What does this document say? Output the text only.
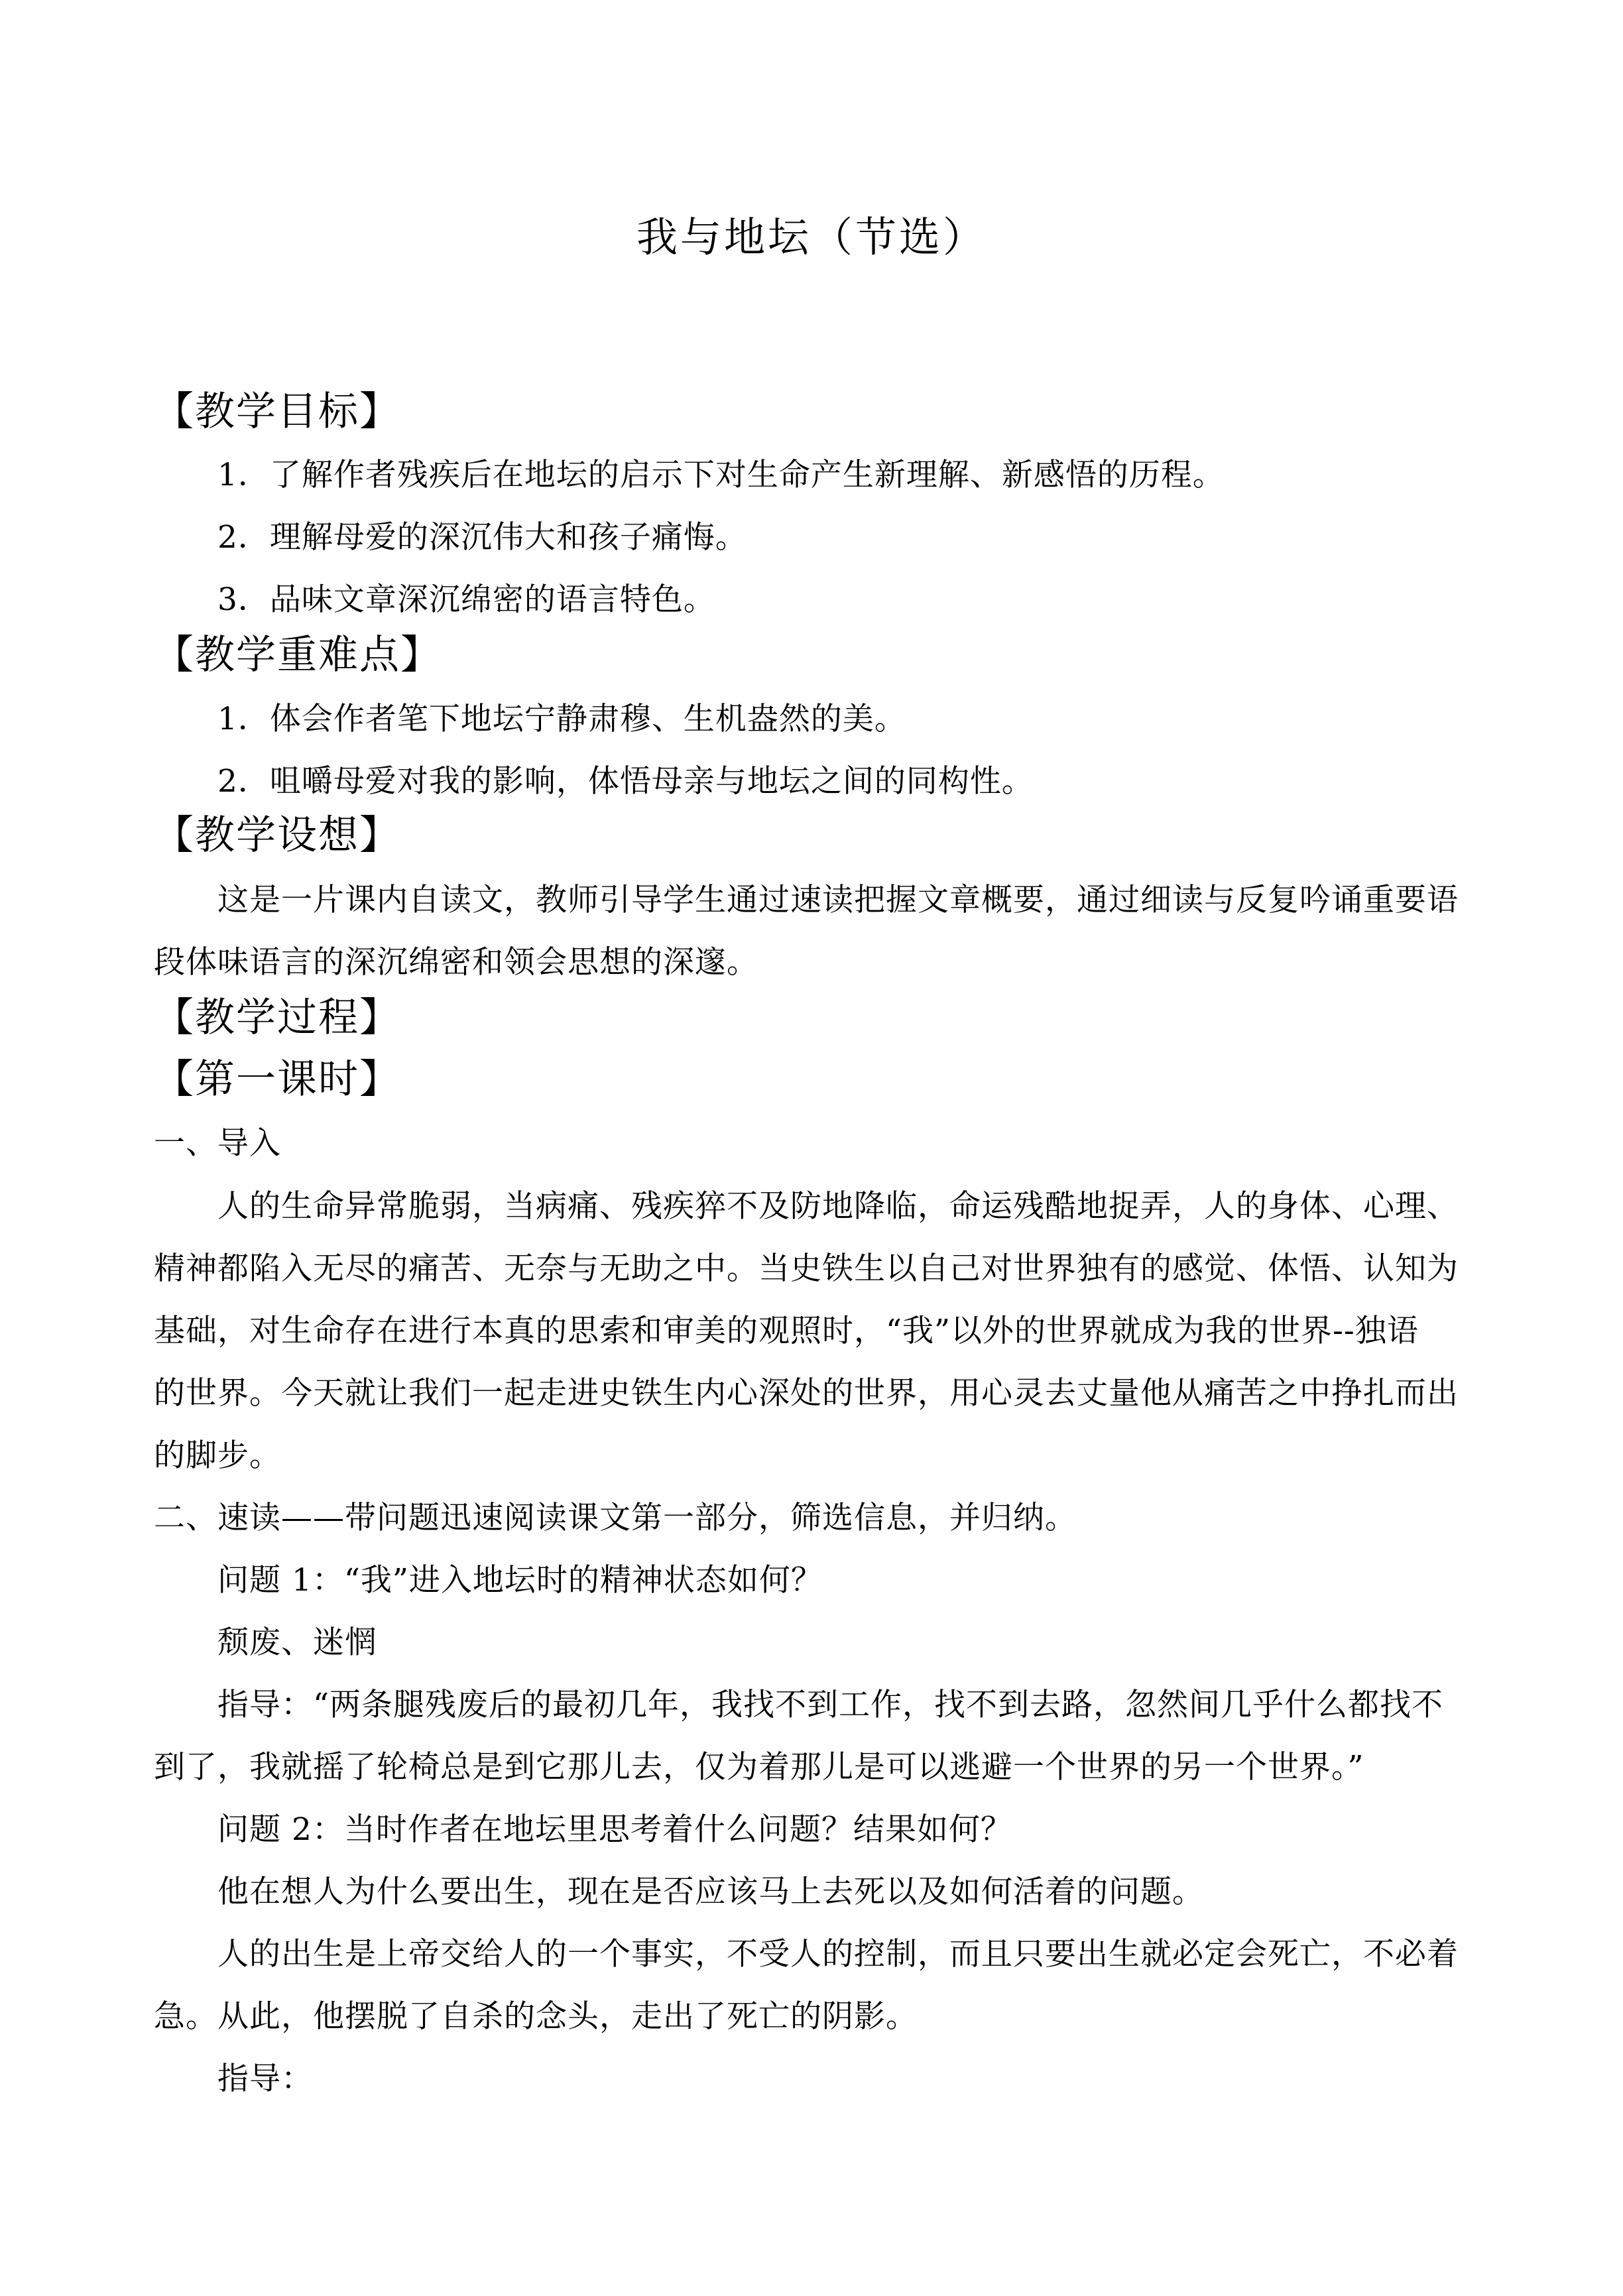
我与地坛（节选）
【教学目标】
1．了解作者残疾后在地坛的启示下对生命产生新理解、新感悟的历程。
2．理解母爱的深沉伟大和孩子痛悔。
3．品味文章深沉绵密的语言特色。
【教学重难点】
1．体会作者笔下地坛宁静肃穆、生机盎然的美。
2．咀嚼母爱对我的影响，体悟母亲与地坛之间的同构性。
【教学设想】
这是一片课内自读文，教师引导学生通过速读把握文章概要，通过细读与反复吟诵重要语
段体味语言的深沉绵密和领会思想的深邃。
【教学过程】
【第一课时】
一、导入
人的生命异常脆弱，当病痛、残疾猝不及防地降临，命运残酷地捉弄，人的身体、心理、
精神都陷入无尽的痛苦、无奈与无助之中。当史铁生以自己对世界独有的感觉、体悟、认知为
基础，对生命存在进行本真的思索和审美的观照时，“我”以外的世界就成为我的世界--独语
的世界。今天就让我们一起走进史铁生内心深处的世界，用心灵去丈量他从痛苦之中挣扎而出
的脚步。
二、速读——带问题迅速阅读课文第一部分，筛选信息，并归纳。
问题 1：“我”进入地坛时的精神状态如何？
颓废、迷惘
指导：“两条腿残废后的最初几年，我找不到工作，找不到去路，忽然间几乎什么都找不
到了，我就摇了轮椅总是到它那儿去，仅为着那儿是可以逃避一个世界的另一个世界。”
问题 2：当时作者在地坛里思考着什么问题？结果如何？
他在想人为什么要出生，现在是否应该马上去死以及如何活着的问题。
人的出生是上帝交给人的一个事实，不受人的控制，而且只要出生就必定会死亡，不必着
急。从此，他摆脱了自杀的念头，走出了死亡的阴影。
指导：
